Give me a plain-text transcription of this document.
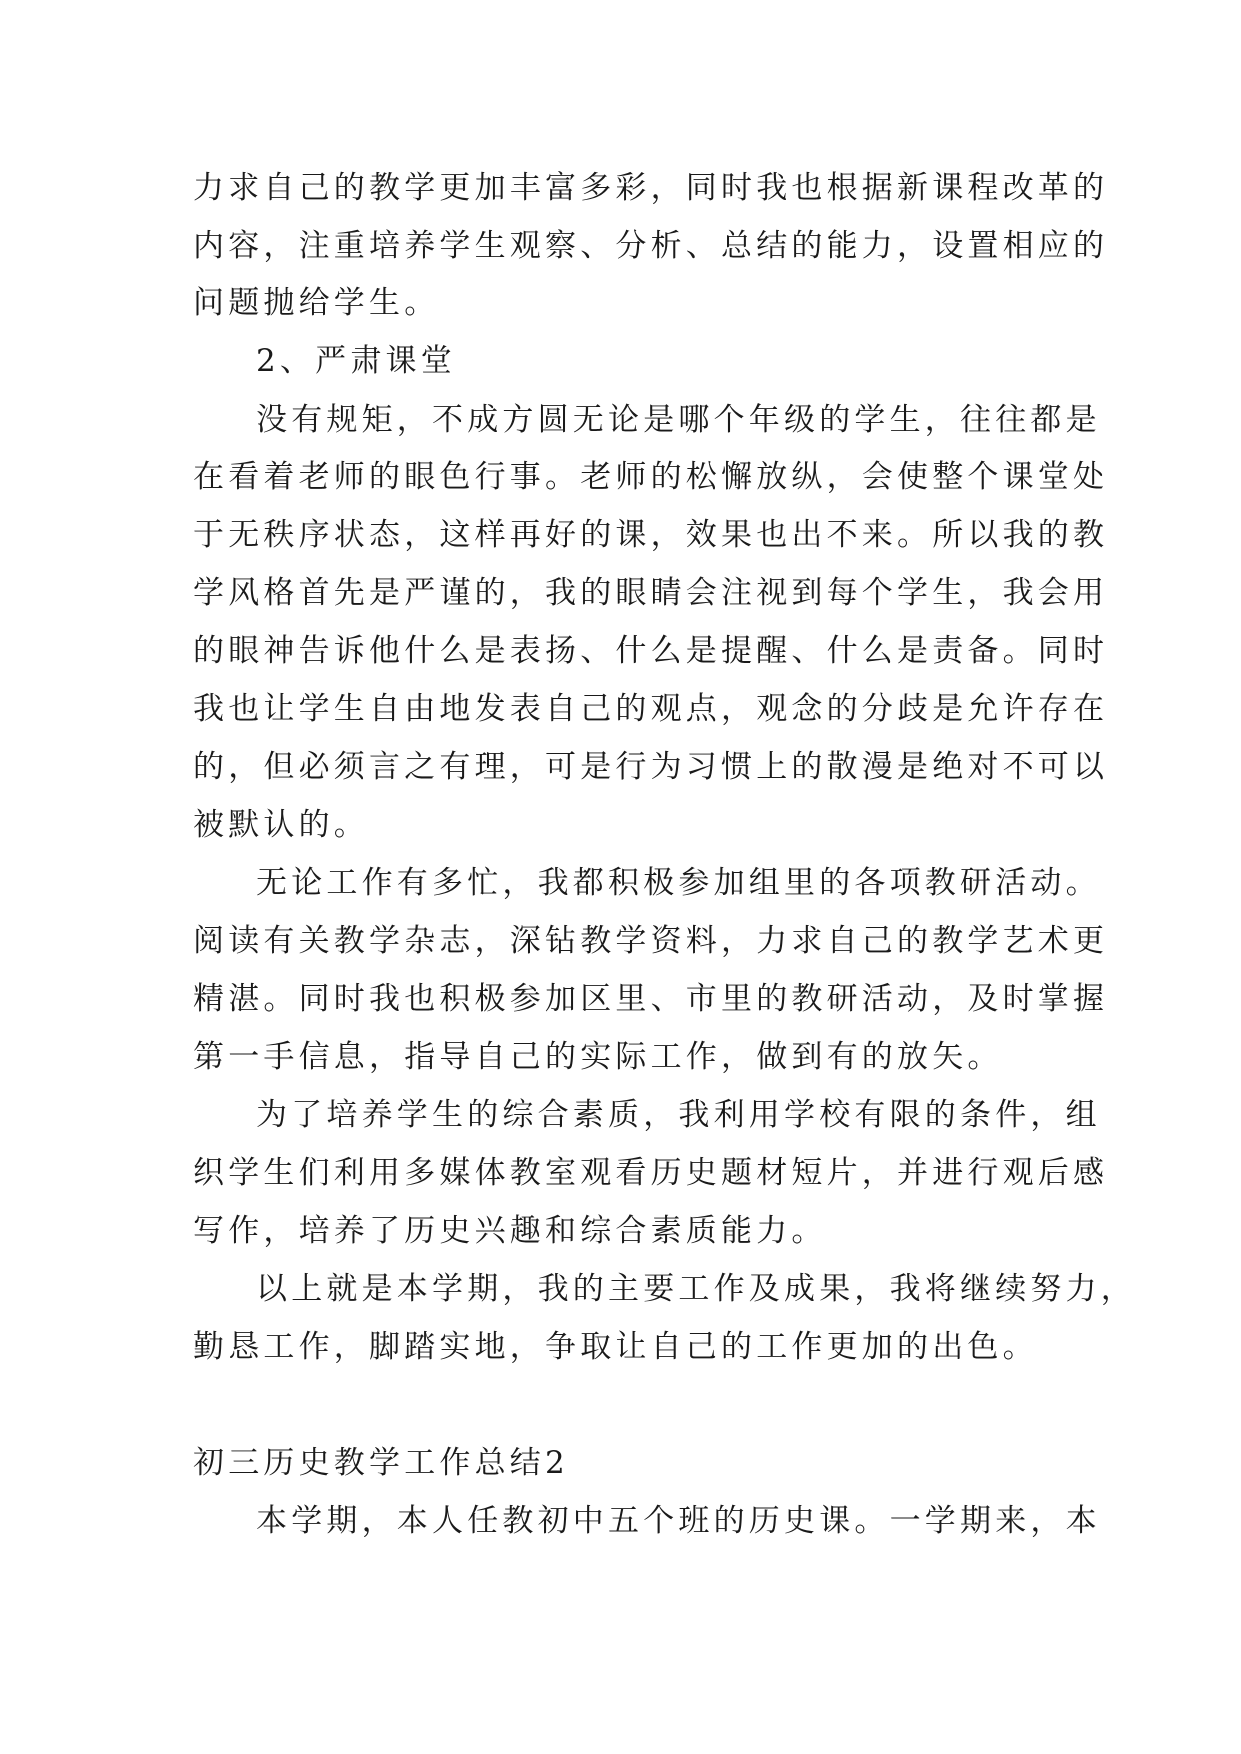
力求自己的教学更加丰富多彩，同时我也根据新课程改革的
内容，注重培养学生观察、分析、总结的能力，设置相应的
问题抛给学生。
2、严肃课堂
没有规矩，不成方圆无论是哪个年级的学生，往往都是
在看着老师的眼色行事。老师的松懈放纵，会使整个课堂处
于无秩序状态，这样再好的课，效果也出不来。所以我的教
学风格首先是严谨的，我的眼睛会注视到每个学生，我会用
的眼神告诉他什么是表扬、什么是提醒、什么是责备。同时
我也让学生自由地发表自己的观点，观念的分歧是允许存在
的，但必须言之有理，可是行为习惯上的散漫是绝对不可以
被默认的。
无论工作有多忙，我都积极参加组里的各项教研活动。
阅读有关教学杂志，深钻教学资料，力求自己的教学艺术更
精湛。同时我也积极参加区里、市里的教研活动，及时掌握
第一手信息，指导自己的实际工作，做到有的放矢。
为了培养学生的综合素质，我利用学校有限的条件，组
织学生们利用多媒体教室观看历史题材短片，并进行观后感
写作，培养了历史兴趣和综合素质能力。
以上就是本学期，我的主要工作及成果，我将继续努力，
勤恳工作，脚踏实地，争取让自己的工作更加的出色。
初三历史教学工作总结2
本学期，本人任教初中五个班的历史课。一学期来，本
